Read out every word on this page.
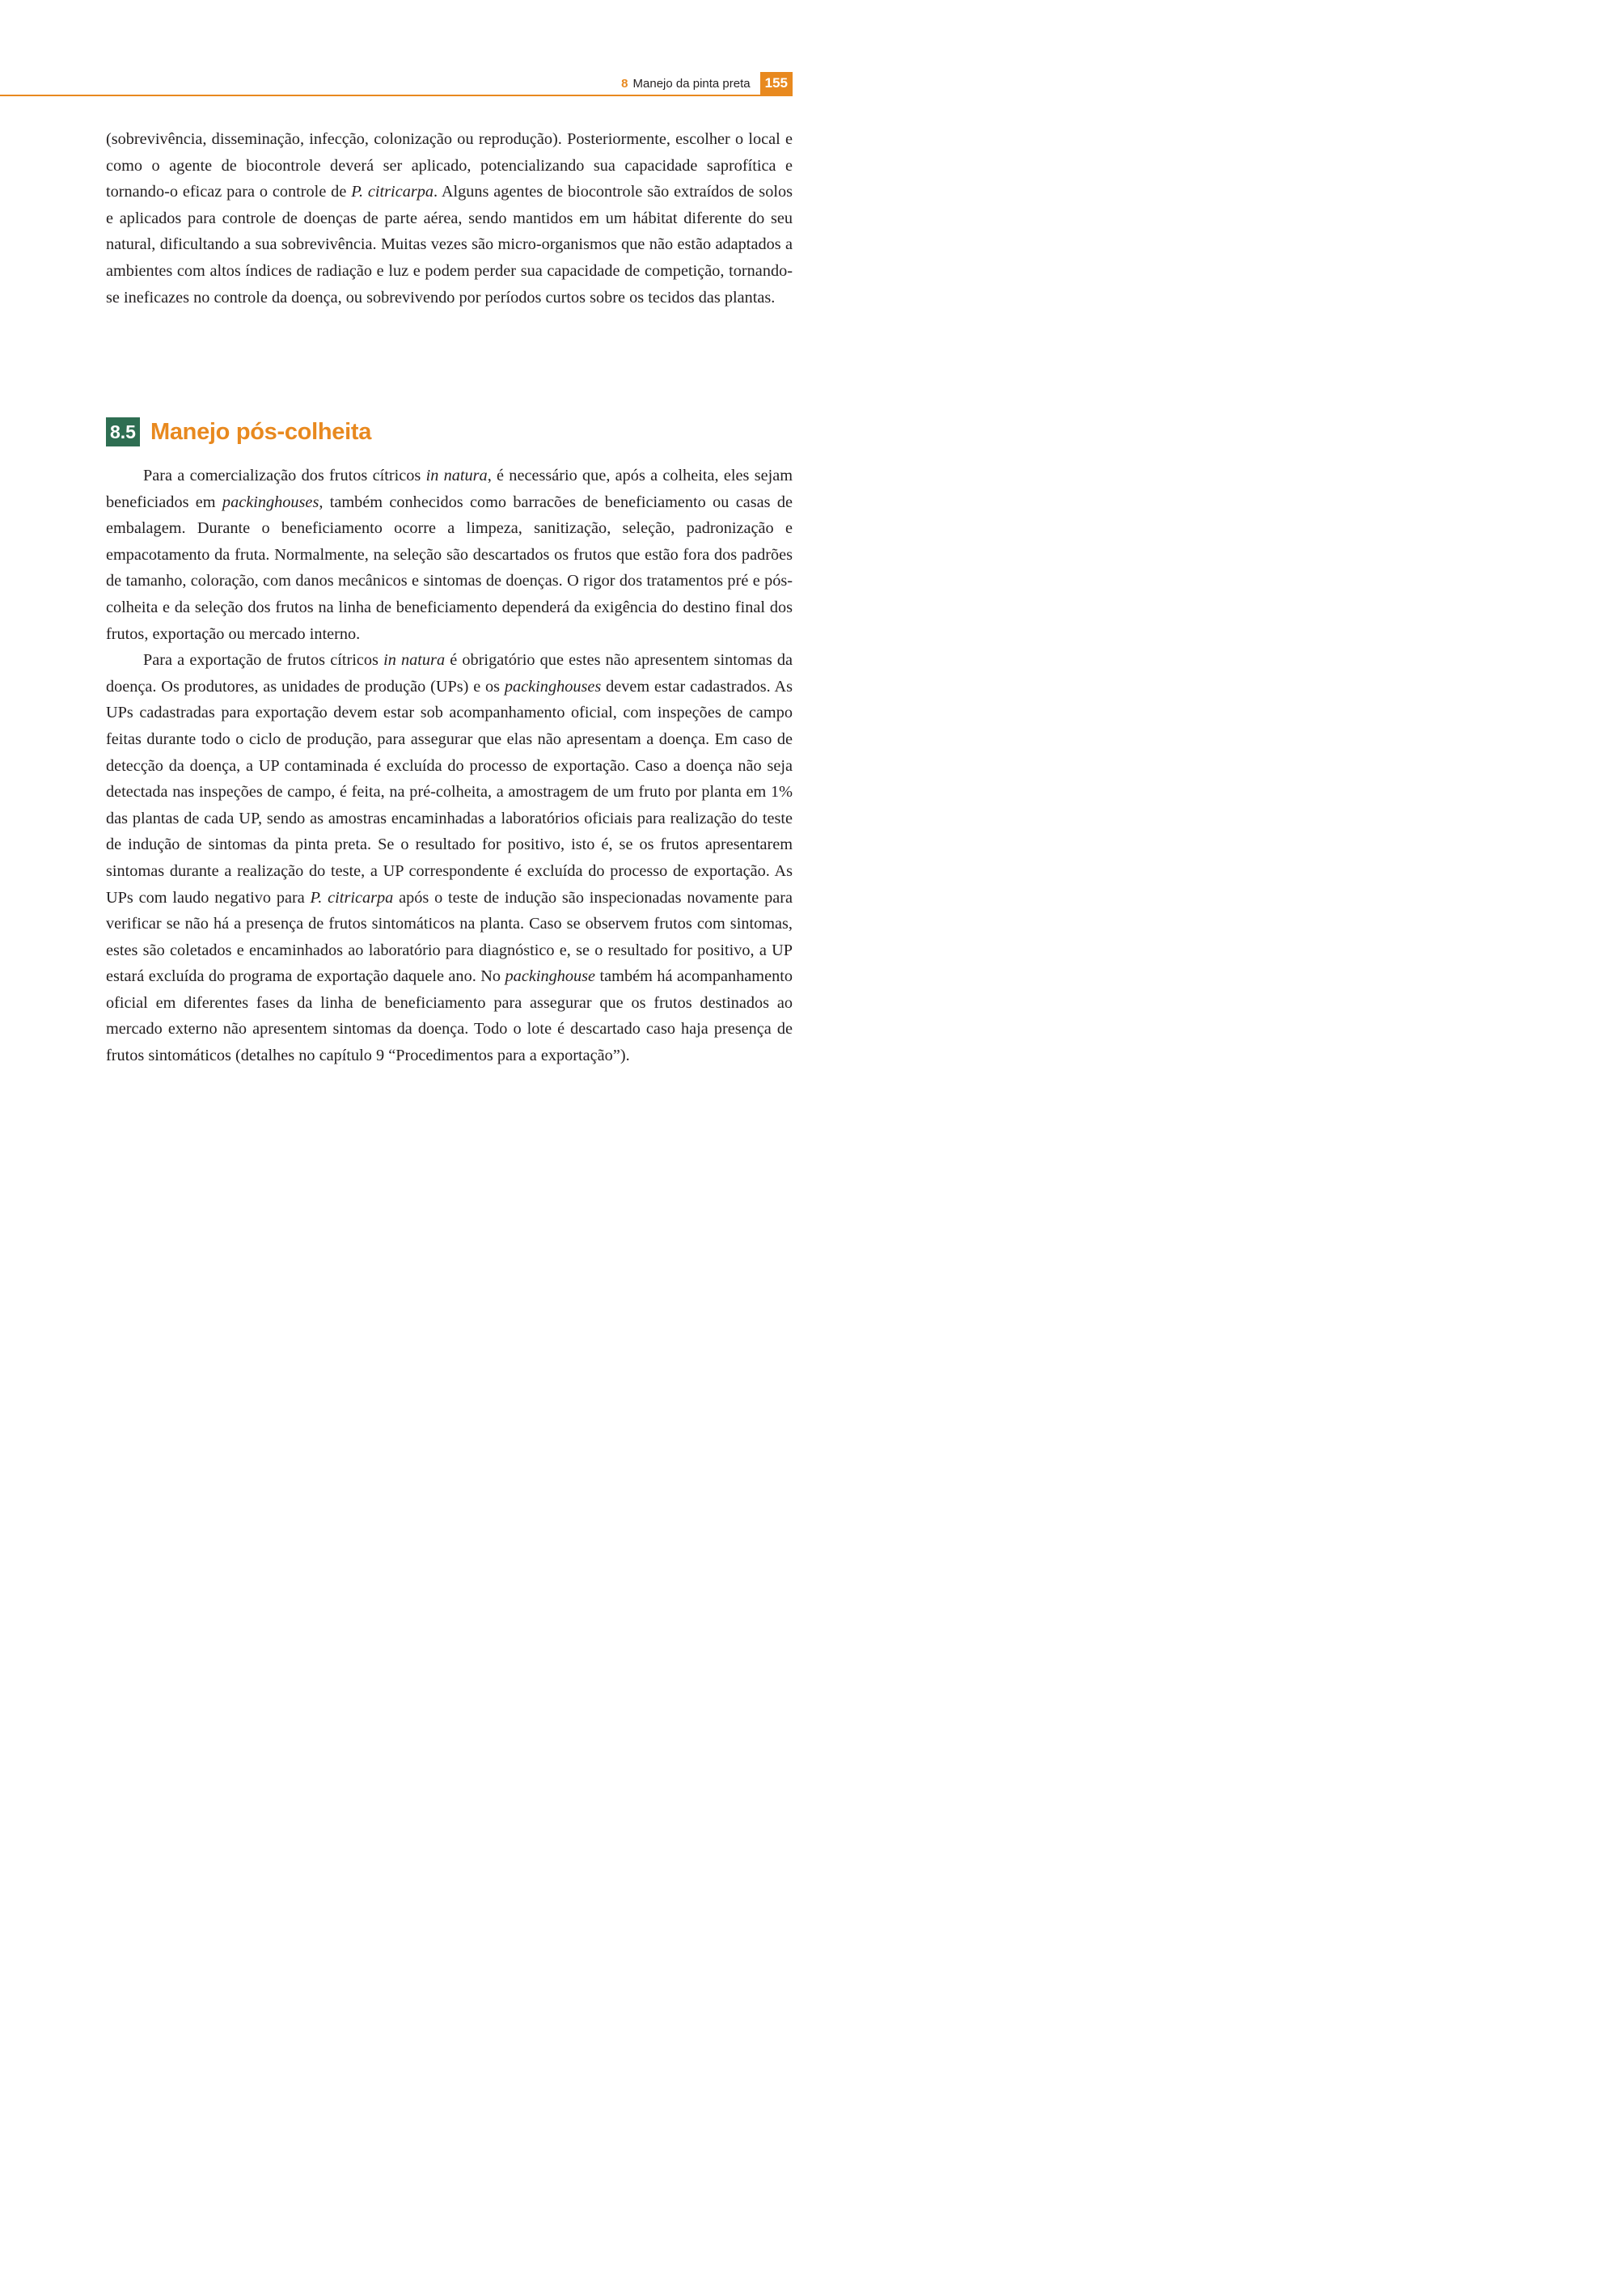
8 Manejo da pinta preta	155

(sobrevivência, disseminação, infecção, colonização ou reprodução). Posteriormente, escolher o local e como o agente de biocontrole deverá ser aplicado, potencializando sua capacidade saprofítica e tornando-o eficaz para o controle de P. citricarpa. Alguns agentes de biocontrole são extraídos de solos e aplicados para controle de doenças de parte aérea, sendo mantidos em um hábitat diferente do seu natural, dificultando a sua sobrevivência. Muitas vezes são micro-organismos que não estão adaptados a ambientes com altos índices de radiação e luz e podem perder sua capacidade de competição, tornando-se ineficazes no controle da doença, ou sobrevivendo por períodos curtos sobre os tecidos das plantas.

8.5 Manejo pós-colheita

Para a comercialização dos frutos cítricos in natura, é necessário que, após a colheita, eles sejam beneficiados em packinghouses, também conhecidos como barracões de beneficiamento ou casas de embalagem. Durante o beneficiamento ocorre a limpeza, sanitização, seleção, padronização e empacotamento da fruta. Normalmente, na seleção são descartados os frutos que estão fora dos padrões de tamanho, coloração, com danos mecânicos e sintomas de doenças. O rigor dos tratamentos pré e pós-colheita e da seleção dos frutos na linha de beneficiamento dependerá da exigência do destino final dos frutos, exportação ou mercado interno.

Para a exportação de frutos cítricos in natura é obrigatório que estes não apresentem sintomas da doença. Os produtores, as unidades de produção (UPs) e os packinghouses devem estar cadastrados. As UPs cadastradas para exportação devem estar sob acompanhamento oficial, com inspeções de campo feitas durante todo o ciclo de produção, para assegurar que elas não apresentam a doença. Em caso de detecção da doença, a UP contaminada é excluída do processo de exportação. Caso a doença não seja detectada nas inspeções de campo, é feita, na pré-colheita, a amostragem de um fruto por planta em 1% das plantas de cada UP, sendo as amostras encaminhadas a laboratórios oficiais para realização do teste de indução de sintomas da pinta preta. Se o resultado for positivo, isto é, se os frutos apresentarem sintomas durante a realização do teste, a UP correspondente é excluída do processo de exportação. As UPs com laudo negativo para P. citricarpa após o teste de indução são inspecionadas novamente para verificar se não há a presença de frutos sintomáticos na planta. Caso se observem frutos com sintomas, estes são coletados e encaminhados ao laboratório para diagnóstico e, se o resultado for positivo, a UP estará excluída do programa de exportação daquele ano. No packinghouse também há acompanhamento oficial em diferentes fases da linha de beneficiamento para assegurar que os frutos destinados ao mercado externo não apresentem sintomas da doença. Todo o lote é descartado caso haja presença de frutos sintomáticos (detalhes no capítulo 9 “Procedimentos para a exportação”).
